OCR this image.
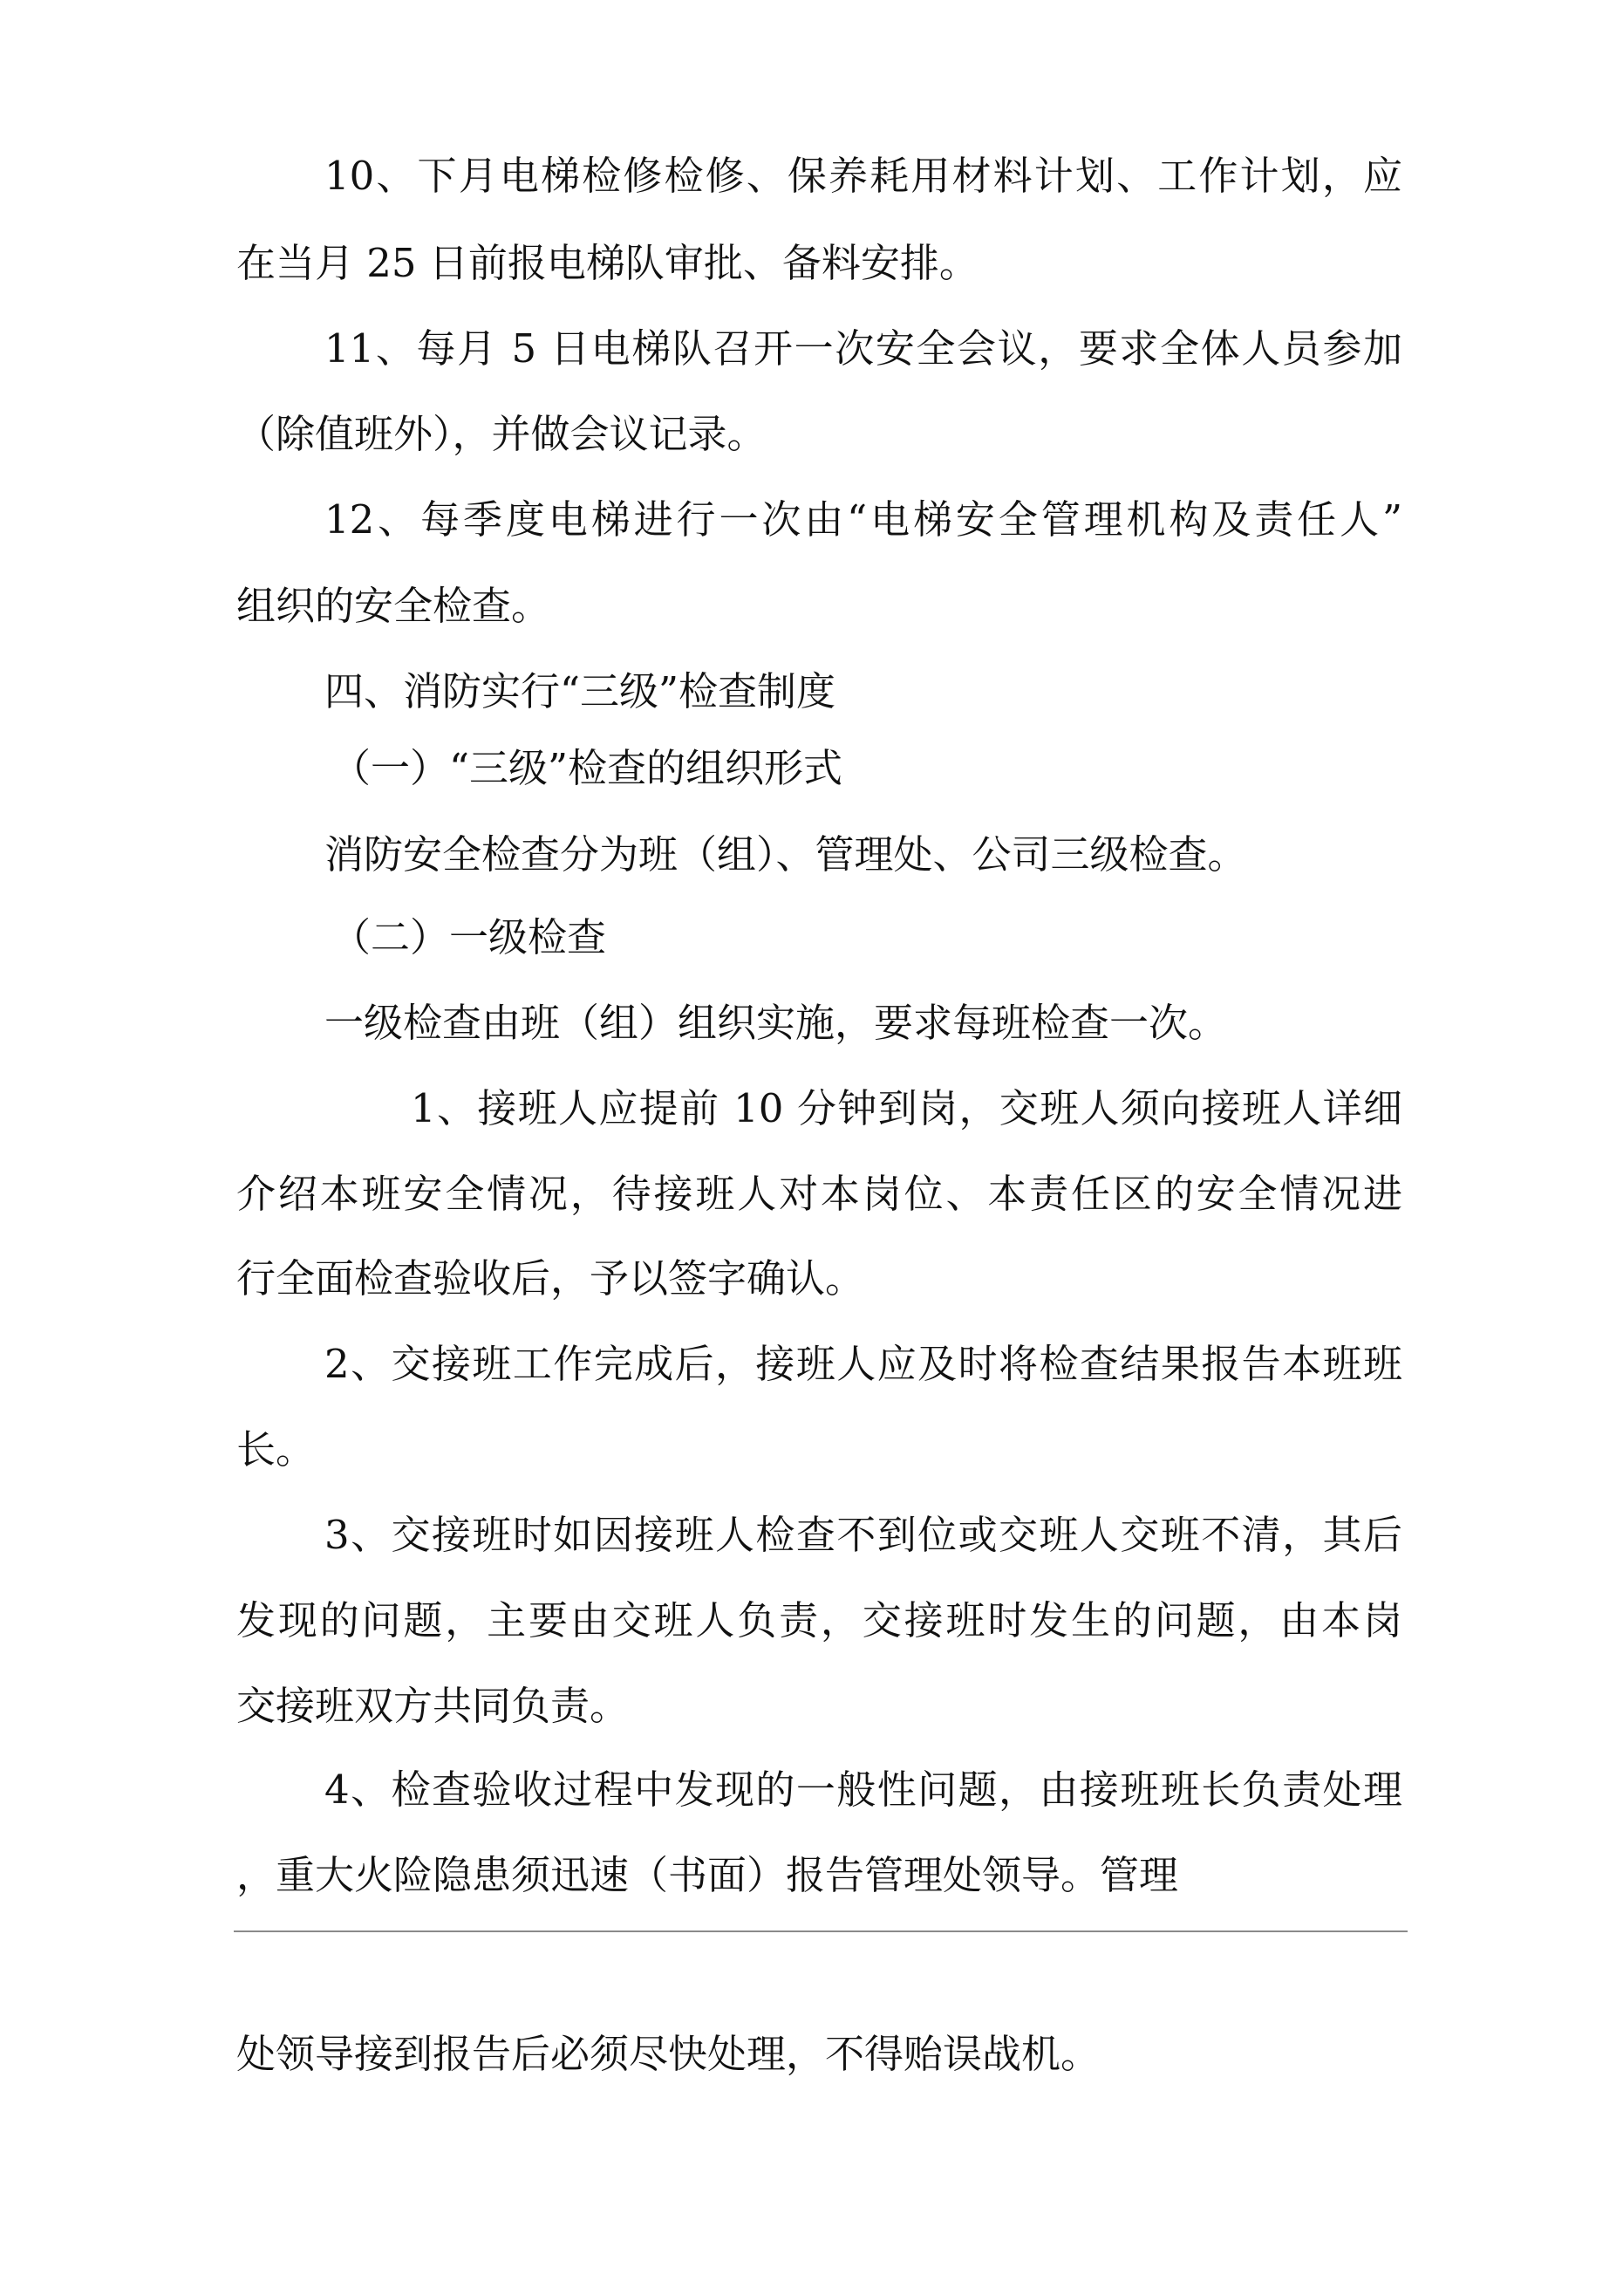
10、下月电梯检修检修、保养耗用材料计划、工作计划，应
在当月 25 日前报电梯队审批、备料安排。
11、每月 5 日电梯队召开一次安全会议，要求全体人员参加
（除值班外），并做会议记录。
12、每季度电梯进行一次由“电梯安全管理机构及责任人”
组织的安全检查。
四、消防实行“三级”检查制度
（一）“三级”检查的组织形式
消防安全检查分为班（组）、管理处、公司三级检查。
（二）一级检查
一级检查由班（组）组织实施，要求每班检查一次。
1、接班人应提前 10 分钟到岗，交班人须向接班人详细
介绍本班安全情况，待接班人对本岗位、本责任区的安全情况进
行全面检查验收后，予以签字确认。
2、交接班工作完成后，接班人应及时将检查结果报告本班班
长。
3、交接班时如因接班人检查不到位或交班人交班不清，其后
发现的问题，主要由交班人负责，交接班时发生的问题，由本岗
交接班双方共同负责。
4、检查验收过程中发现的一般性问题，由接班班长负责处理
，重大火险隐患须迅速（书面）报告管理处领导。管理
处领导接到报告后必须尽快处理，不得贻误战机。
